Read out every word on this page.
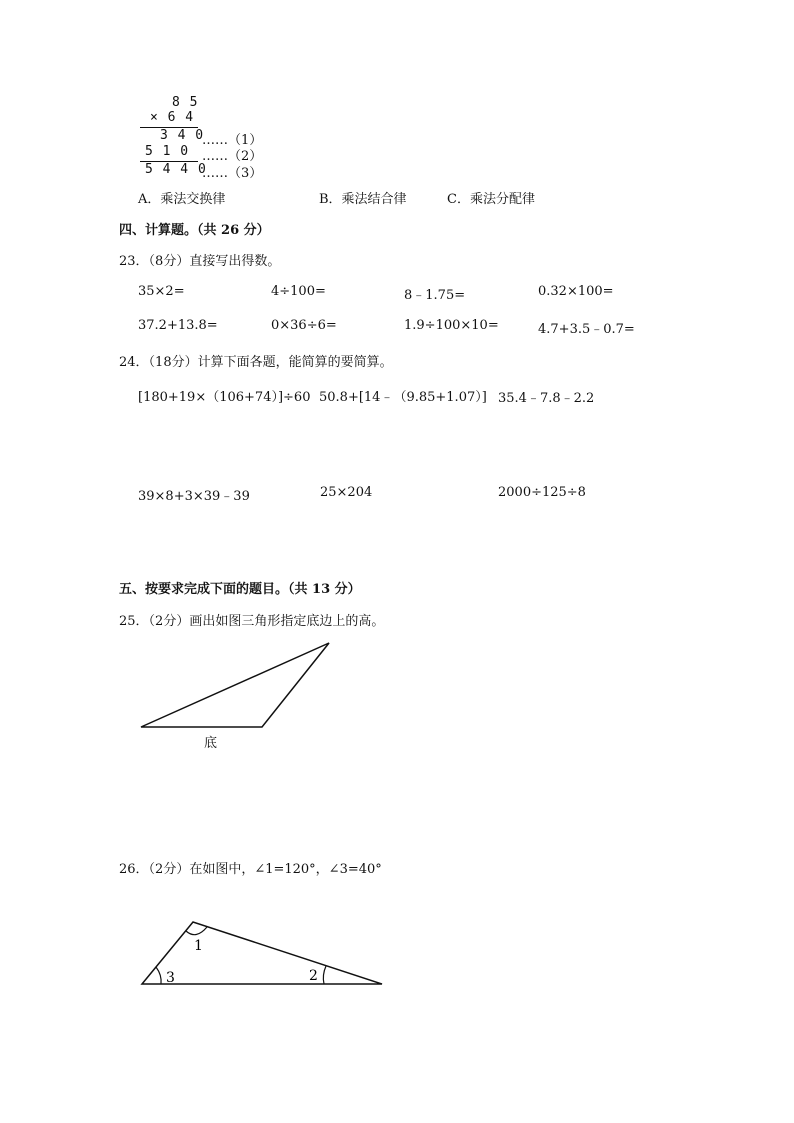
8 5
× 6 4
3 4 0
……（1）
5 1 0 ……（2）
5 4 4 0
……（3）
A．乘法交换律	B．乘法结合律	C．乘法分配律
四、计算题。（共 26 分）
23．（8分）直接写出得数。
35×2=	4÷100=	8﹣1.75=	0.32×100=
37.2+13.8=	0×36÷6=	1.9÷100×10=	4.7+3.5﹣0.7=
24．（18分）计算下面各题，能简算的要简算。
[180+19×（106+74）]÷60 50.8+[14﹣（9.85+1.07）] 35.4﹣7.8﹣2.2
39×8+3×39﹣39	25×204	2000÷125÷8
五、按要求完成下面的题目。（共 13 分）
25．（2分）画出如图三角形指定底边上的高。
底
26．（2分）在如图中，∠1=120°，∠3=40°
1
3	2
